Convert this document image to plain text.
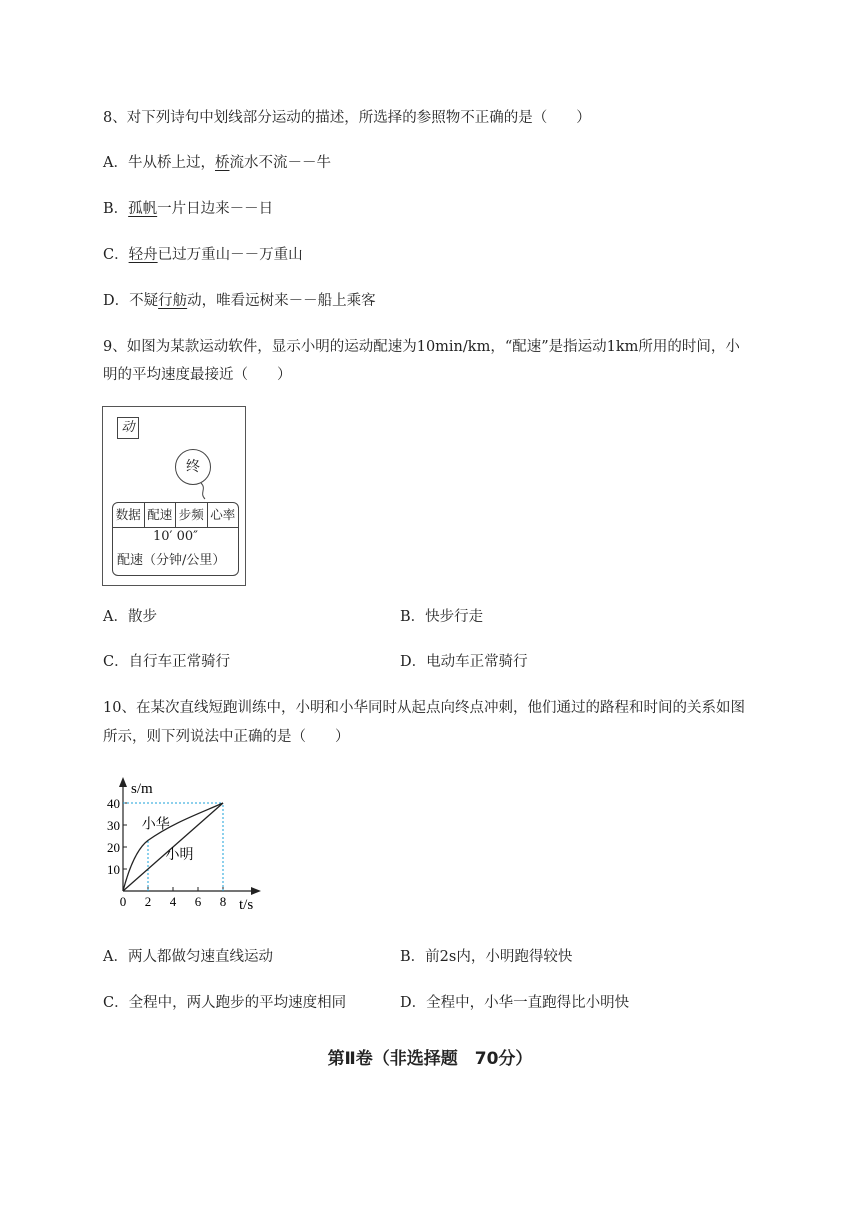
8、对下列诗句中划线部分运动的描述，所选择的参照物不正确的是（　　）
A．牛从桥上过，桥流水不流－－牛
B．孤帆一片日边来－－日
C．轻舟已过万重山－－万重山
D．不疑行舫动，唯看远树来－－船上乘客
9、如图为某款运动软件，显示小明的运动配速为10min/km，“配速”是指运动1km所用的时间，小
明的平均速度最接近（　　）
动
终
数据 配速 步频 心率
10′ 00″
配速（分钟/公里）
A．散步	B．快步行走
C．自行车正常骑行	D．电动车正常骑行
10、在某次直线短跑训练中，小明和小华同时从起点向终点冲刺，他们通过的路程和时间的关系如图
所示，则下列说法中正确的是（　　）
0 2 4 6 8
10
20
30
40
小华
小明
s/m
t/s
A．两人都做匀速直线运动	B．前2s内，小明跑得较快
C．全程中，两人跑步的平均速度相同	D．全程中，小华一直跑得比小明快
第Ⅱ卷（非选择题　70分）
